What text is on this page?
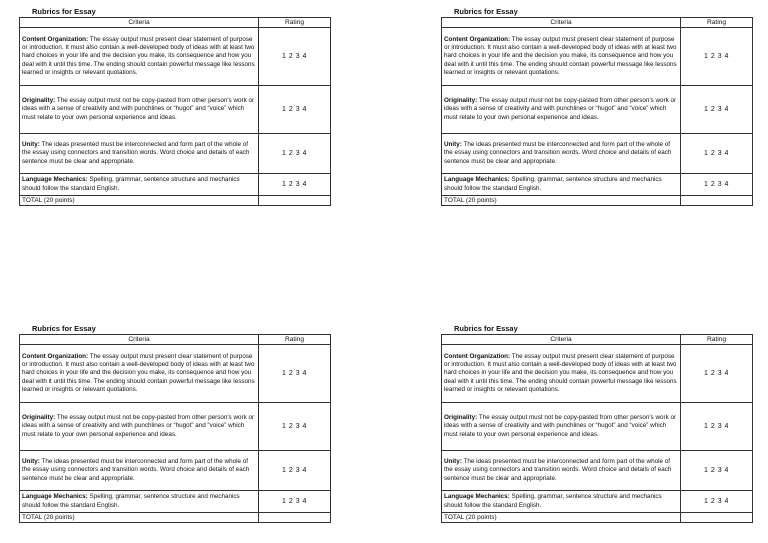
Rubrics for Essay
Criteria	Rating
Content Organization: The essay output must present clear statement of purpose or introduction. It must also contain a well-developed body of ideas with at least two hard choices in your life and the decision you make, its consequence and how you deal with it until this time. The ending should contain powerful message like lessons learned or insights or relevant quotations.	1 2 3 4
Originality: The essay output must not be copy-pasted from other person's work or ideas with a sense of creativity and with punchlines or “hugot” and “voice” which must relate to your own personal experience and ideas.	1 2 3 4
Unity: The ideas presented must be interconnected and form part of the whole of the essay using connectors and transition words. Word choice and details of each sentence must be clear and appropriate.	1 2 3 4
Language Mechanics: Spelling, grammar, sentence structure and mechanics should follow the standard English.	1 2 3 4
TOTAL (20 points)	
Rubrics for Essay
Criteria	Rating
Content Organization: The essay output must present clear statement of purpose or introduction. It must also contain a well-developed body of ideas with at least two hard choices in your life and the decision you make, its consequence and how you deal with it until this time. The ending should contain powerful message like lessons learned or insights or relevant quotations.	1 2 3 4
Originality: The essay output must not be copy-pasted from other person's work or ideas with a sense of creativity and with punchlines or “hugot” and “voice” which must relate to your own personal experience and ideas.	1 2 3 4
Unity: The ideas presented must be interconnected and form part of the whole of the essay using connectors and transition words. Word choice and details of each sentence must be clear and appropriate.	1 2 3 4
Language Mechanics: Spelling, grammar, sentence structure and mechanics should follow the standard English.	1 2 3 4
TOTAL (20 points)	
Rubrics for Essay
Criteria	Rating
Content Organization: The essay output must present clear statement of purpose or introduction. It must also contain a well-developed body of ideas with at least two hard choices in your life and the decision you make, its consequence and how you deal with it until this time. The ending should contain powerful message like lessons learned or insights or relevant quotations.	1 2 3 4
Originality: The essay output must not be copy-pasted from other person's work or ideas with a sense of creativity and with punchlines or “hugot” and “voice” which must relate to your own personal experience and ideas.	1 2 3 4
Unity: The ideas presented must be interconnected and form part of the whole of the essay using connectors and transition words. Word choice and details of each sentence must be clear and appropriate.	1 2 3 4
Language Mechanics: Spelling, grammar, sentence structure and mechanics should follow the standard English.	1 2 3 4
TOTAL (20 points)	
Rubrics for Essay
Criteria	Rating
Content Organization: The essay output must present clear statement of purpose or introduction. It must also contain a well-developed body of ideas with at least two hard choices in your life and the decision you make, its consequence and how you deal with it until this time. The ending should contain powerful message like lessons learned or insights or relevant quotations.	1 2 3 4
Originality: The essay output must not be copy-pasted from other person's work or ideas with a sense of creativity and with punchlines or “hugot” and “voice” which must relate to your own personal experience and ideas.	1 2 3 4
Unity: The ideas presented must be interconnected and form part of the whole of the essay using connectors and transition words. Word choice and details of each sentence must be clear and appropriate.	1 2 3 4
Language Mechanics: Spelling, grammar, sentence structure and mechanics should follow the standard English.	1 2 3 4
TOTAL (20 points)	
